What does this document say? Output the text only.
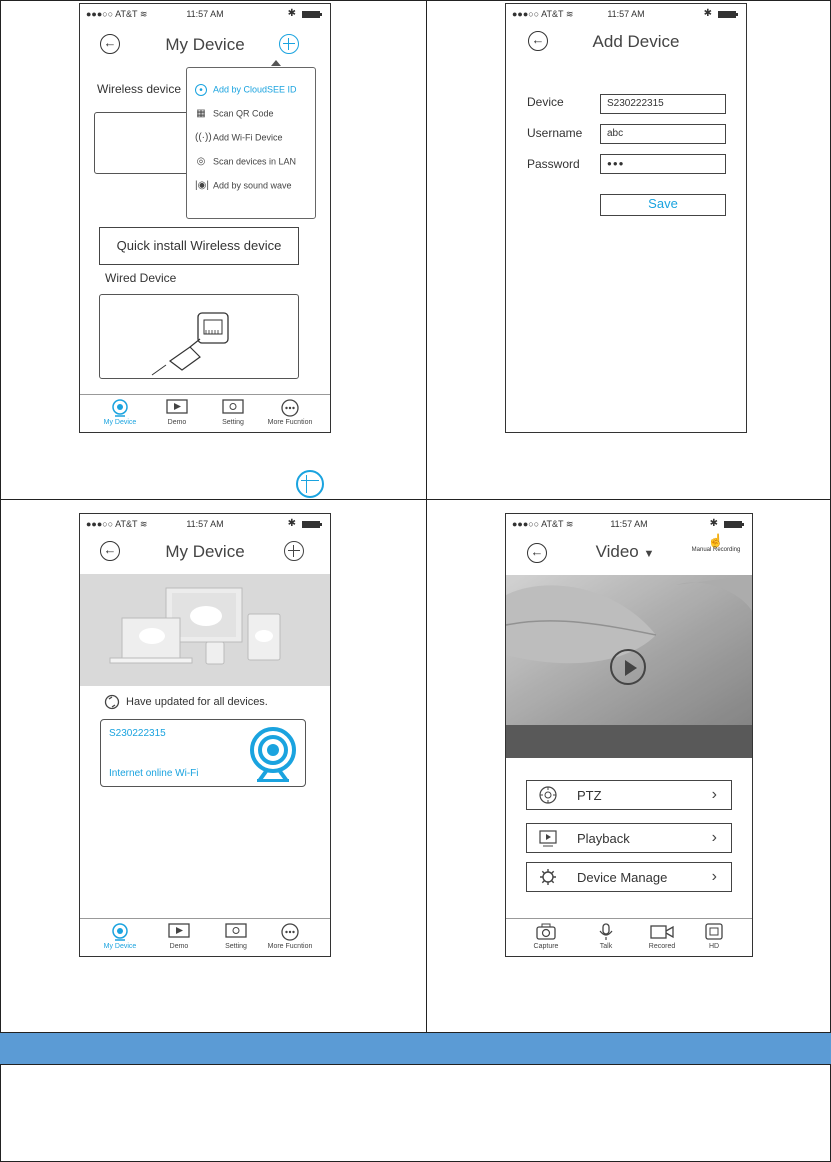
●●●○○ AT&T ≋	11:57 AM	✱
←	My Device
Wireless device	• Add by CloudSEE ID
▦ Scan QR Code
((·))Add Wi-Fi Device
◎ Scan devices in LAN
|◉| Add by sound wave
Quick install Wireless device
Wired Device
My Device	Demo	Setting	More Fucntion
●●●○○ AT&T ≋	11:57 AM	✱
←	Add Device
Device	S230222315
Username	abc
Password	●●●
Save
●●●○○ AT&T ≋	11:57 AM	✱
←	My Device
Have updated for all devices.
S230222315
Internet online Wi-Fi
My Device	Demo	Setting	More Fucntion
●●●○○ AT&T ≋	11:57 AM	✱
←	Video ▼
☝
Manual Recording
PTZ	›
Playback	›
Device Manage	›
Capture	Talk	Recored	HD
